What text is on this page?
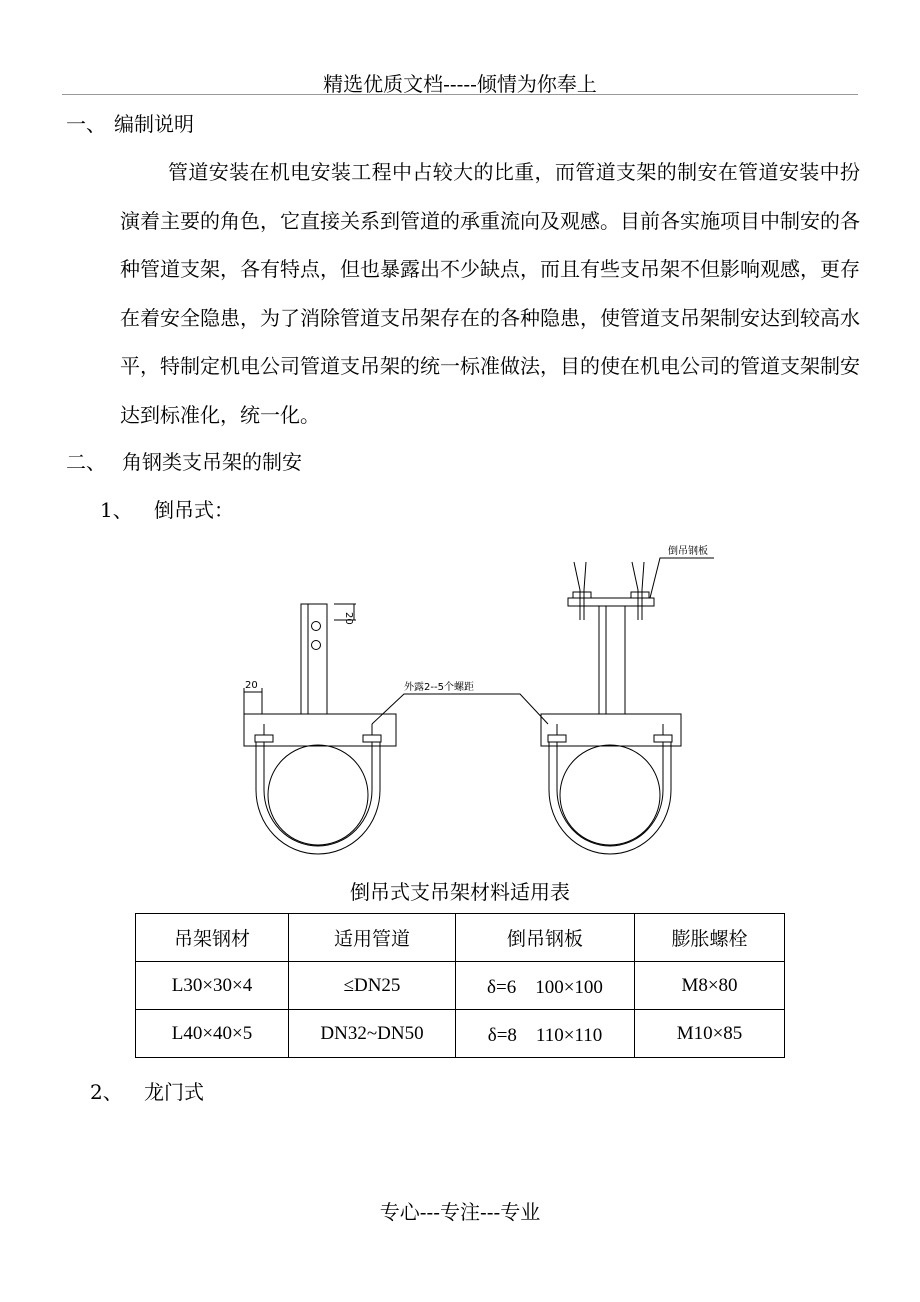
精选优质文档-----倾情为你奉上
一、 编制说明

管道安装在机电安装工程中占较大的比重，而管道支架的制安在管道安装中扮演着主要的角色，它直接关系到管道的承重流向及观感。目前各实施项目中制安的各种管道支架，各有特点，但也暴露出不少缺点，而且有些支吊架不但影响观感，更存在着安全隐患，为了消除管道支吊架存在的各种隐患，使管道支吊架制安达到较高水平，特制定机电公司管道支吊架的统一标准做法，目的使在机电公司的管道支架制安达到标准化，统一化。

二、 角钢类支吊架的制安
1、 倒吊式：
外露2--5个螺距
倒吊钢板
20
20
倒吊式支吊架材料适用表
吊架钢材	适用管道	倒吊钢板	膨胀螺栓
L30×30×4	≤DN25	δ=6　100×100	M8×80
L40×40×5	DN32~DN50	δ=8　110×110	M10×85
2、 龙门式
专心---专注---专业
